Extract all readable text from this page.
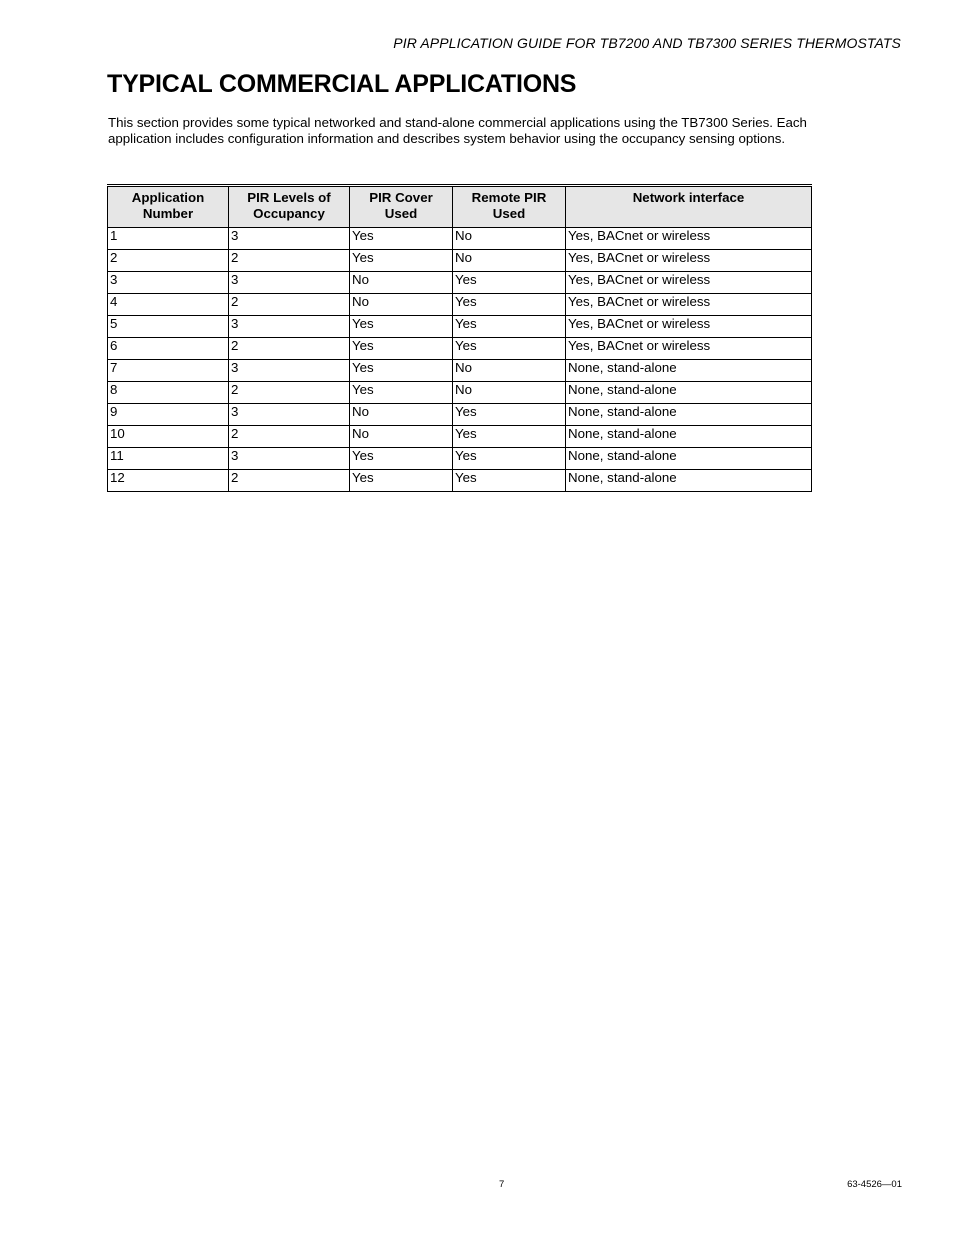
PIR APPLICATION GUIDE FOR TB7200 AND TB7300 SERIES THERMOSTATS
TYPICAL COMMERCIAL APPLICATIONS

This section provides some typical networked and stand-alone commercial applications using the TB7300 Series. Each application includes configuration information and describes system behavior using the occupancy sensing options.

Application Number	PIR Levels of Occupancy	PIR Cover Used	Remote PIR Used	Network interface
1	3	Yes	No	Yes, BACnet or wireless
2	2	Yes	No	Yes, BACnet or wireless
3	3	No	Yes	Yes, BACnet or wireless
4	2	No	Yes	Yes, BACnet or wireless
5	3	Yes	Yes	Yes, BACnet or wireless
6	2	Yes	Yes	Yes, BACnet or wireless
7	3	Yes	No	None, stand-alone
8	2	Yes	No	None, stand-alone
9	3	No	Yes	None, stand-alone
10	2	No	Yes	None, stand-alone
11	3	Yes	Yes	None, stand-alone
12	2	Yes	Yes	None, stand-alone
7	63-4526—01
